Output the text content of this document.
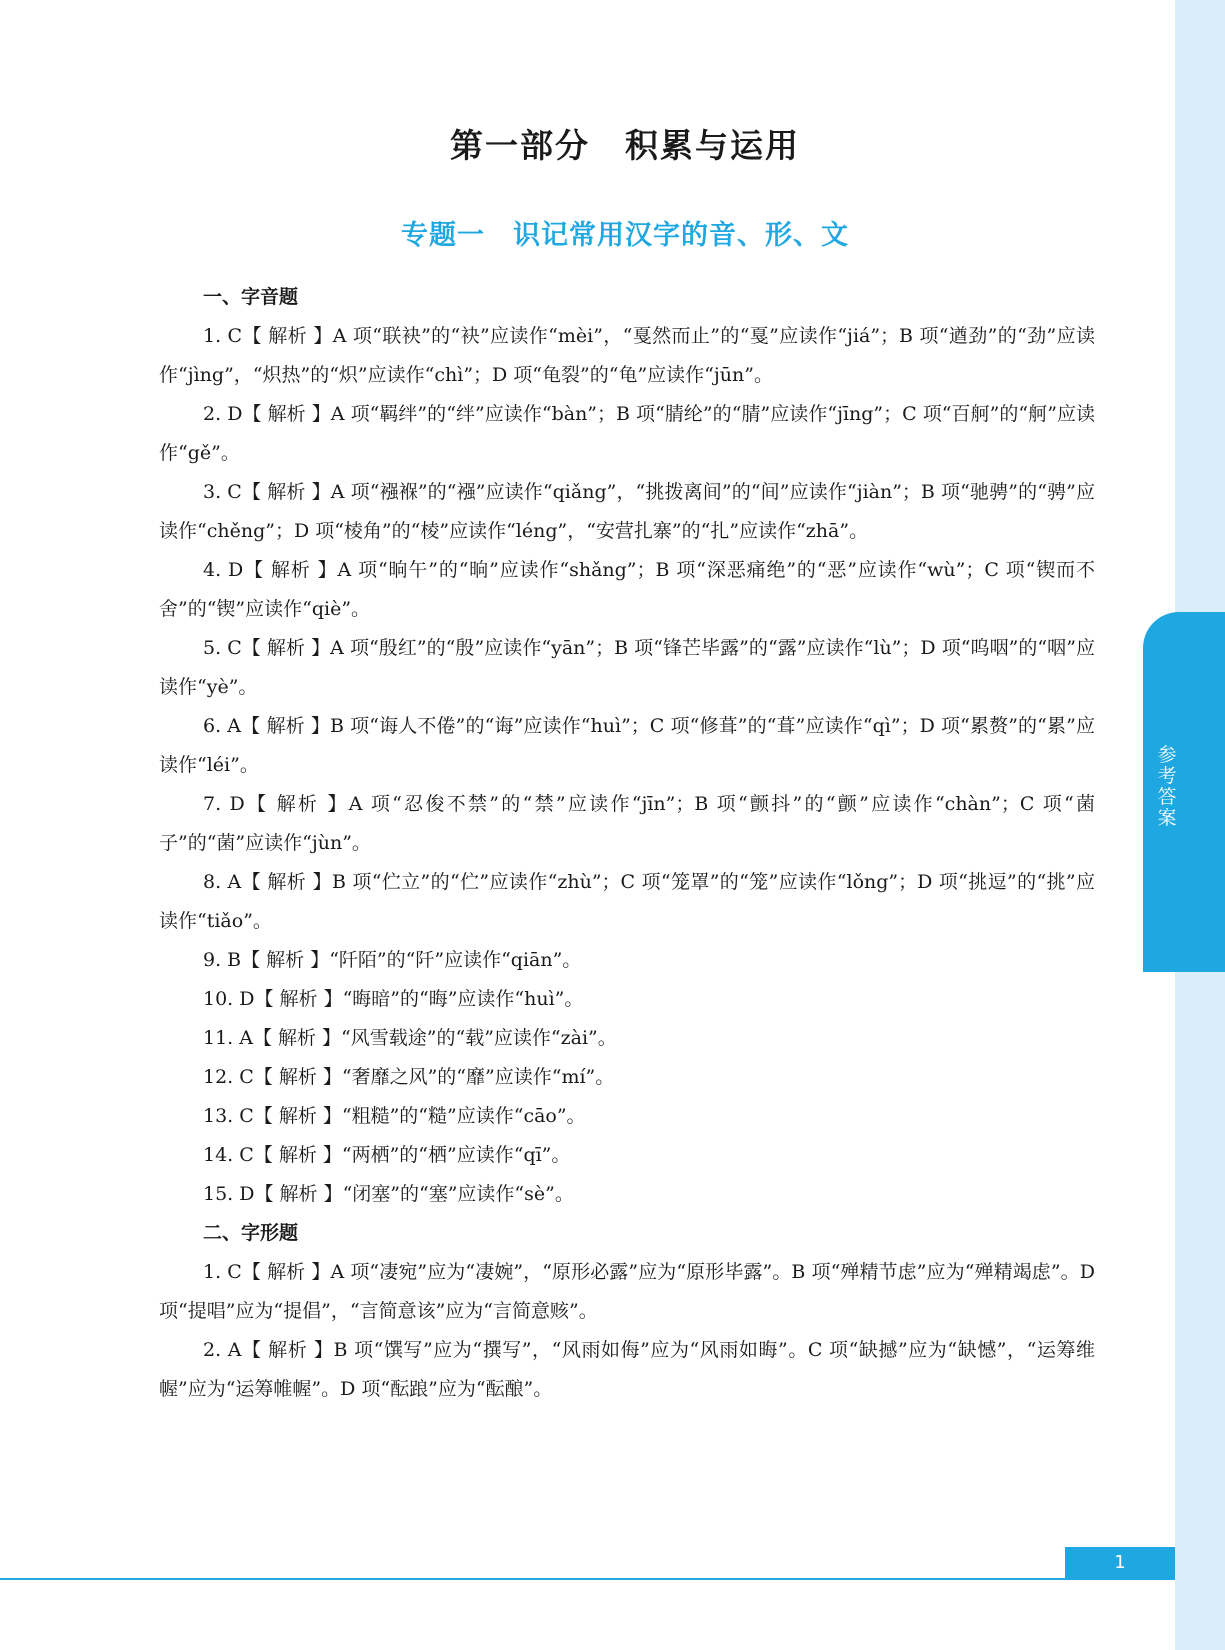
参考答案
第一部分　积累与运用
专题一　识记常用汉字的音、形、文

一、字音题

1. C【 解析 】A 项“联袂”的“袂”应读作“mèi”，“戛然而止”的“戛”应读作“jiá”；B 项“遒劲”的“劲”应读作“jìng”，“炽热”的“炽”应读作“chì”；D 项“龟裂”的“龟”应读作“jūn”。

2. D【 解析 】A 项“羁绊”的“绊”应读作“bàn”；B 项“腈纶”的“腈”应读作“jīng”；C 项“百舸”的“舸”应读作“gě”。

3. C【 解析 】A 项“襁褓”的“襁”应读作“qiǎng”，“挑拨离间”的“间”应读作“jiàn”；B 项“驰骋”的“骋”应读作“chěng”；D 项“棱角”的“棱”应读作“léng”，“安营扎寨”的“扎”应读作“zhā”。

4. D【 解析 】A 项“晌午”的“晌”应读作“shǎng”；B 项“深恶痛绝”的“恶”应读作“wù”；C 项“锲而不舍”的“锲”应读作“qiè”。

5. C【 解析 】A 项“殷红”的“殷”应读作“yān”；B 项“锋芒毕露”的“露”应读作“lù”；D 项“呜咽”的“咽”应读作“yè”。

6. A【 解析 】B 项“诲人不倦”的“诲”应读作“huì”；C 项“修葺”的“葺”应读作“qì”；D 项“累赘”的“累”应读作“léi”。

7. D【 解析 】A 项“忍俊不禁”的“禁”应读作“jīn”；B 项“颤抖”的“颤”应读作“chàn”；C 项“菌子”的“菌”应读作“jùn”。

8. A【 解析 】B 项“伫立”的“伫”应读作“zhù”；C 项“笼罩”的“笼”应读作“lǒng”；D 项“挑逗”的“挑”应读作“tiǎo”。

9. B【 解析 】“阡陌”的“阡”应读作“qiān”。

10. D【 解析 】“晦暗”的“晦”应读作“huì”。

11. A【 解析 】“风雪载途”的“载”应读作“zài”。

12. C【 解析 】“奢靡之风”的“靡”应读作“mí”。

13. C【 解析 】“粗糙”的“糙”应读作“cāo”。

14. C【 解析 】“两栖”的“栖”应读作“qī”。

15. D【 解析 】“闭塞”的“塞”应读作“sè”。

二、字形题

1. C【 解析 】A 项“凄宛”应为“凄婉”，“原形必露”应为“原形毕露”。B 项“殚精节虑”应为“殚精竭虑”。D 项“提唱”应为“提倡”，“言简意该”应为“言简意赅”。

2. A【 解析 】B 项“馔写”应为“撰写”，“风雨如侮”应为“风雨如晦”。C 项“缺撼”应为“缺憾”，“运筹维幄”应为“运筹帷幄”。D 项“酝踉”应为“酝酿”。

1
